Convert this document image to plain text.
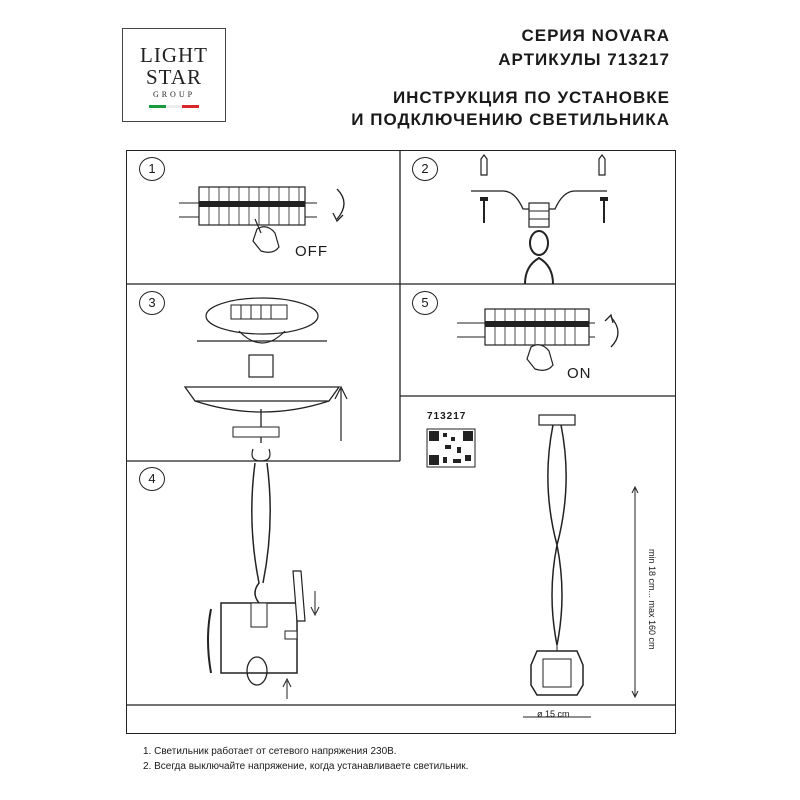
LIGHT
STAR
GROUP
СЕРИЯ NOVARA
АРТИКУЛЫ 713217
ИНСТРУКЦИЯ ПО УСТАНОВКЕ
И ПОДКЛЮЧЕНИЮ СВЕТИЛЬНИКА
1
OFF
2
3	5
ON
713217
min 18 cm... max 160 cm
ø 15 cm
4
1. Светильник работает от сетевого напряжения 230В.
2. Всегда выключайте напряжение, когда устанавливаете светильник.
